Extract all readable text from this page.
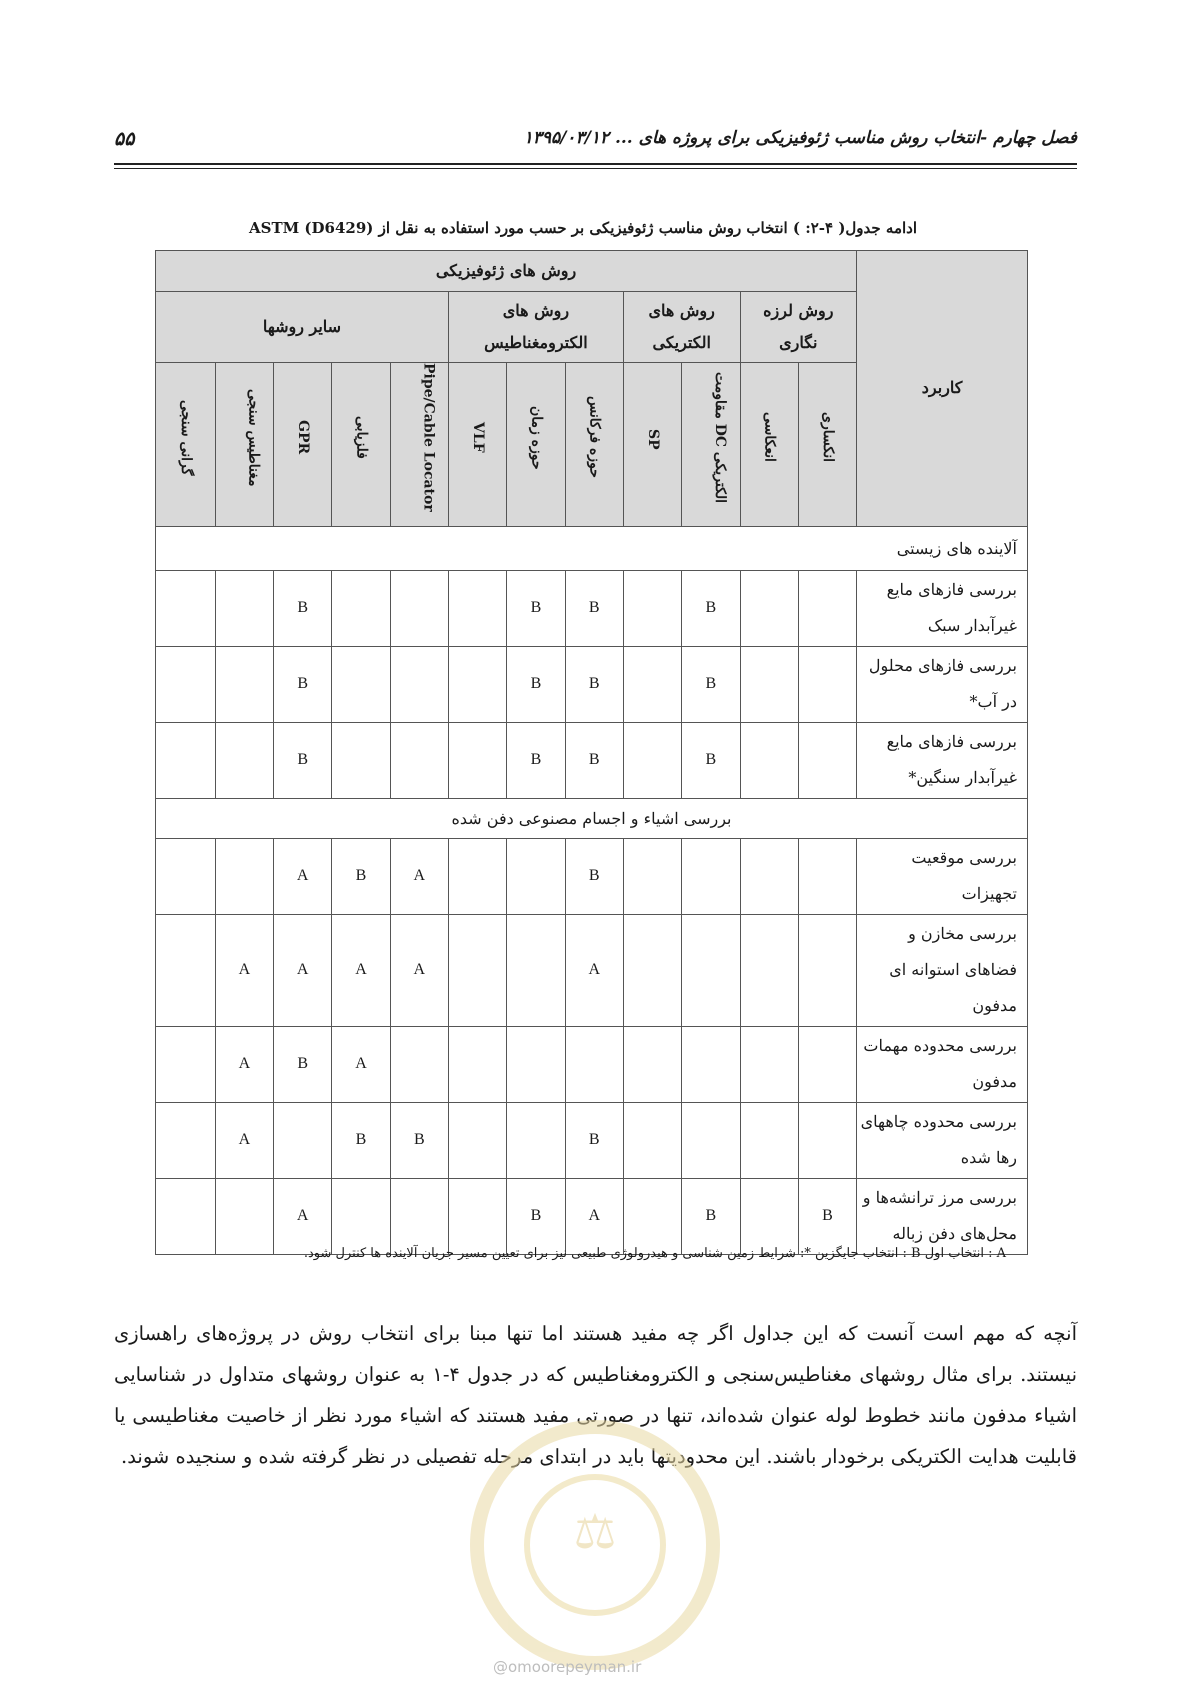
فصل چهارم -انتخاب روش مناسب ژئوفیزیکی برای پروژه های ... ۱۳۹۵/۰۳/۱۲
۵۵
ادامه جدول( ۴-۲: ) انتخاب روش مناسب ژئوفیزیکی بر حسب مورد استفاده به نقل از ASTM (D6429)
کاربرد	روش های ژئوفیزیکی											
	روش لرزه نگاری		روش های الکتریکی		روش های الکترومغناطیس			سایر روشها				
	انکساری	انعکاسی	الکتریکی DC مقاومت	SP	حوزه فرکانس	حوزه زمان	VLF	Pipe/Cable Locator	فلزیابی	GPR	مغناطیس سنجی	گرانی سنجی
آلاینده های زیستی												
بررسی فازهای مایع غیرآبدار سبک			B		B	B				B		
بررسی فازهای محلول در آب*			B		B	B				B		
بررسی فازهای مایع غیرآبدار سنگین*			B		B	B				B		
بررسی اشیاء و اجسام مصنوعی دفن شده												
بررسی موقعیت تجهیزات					B			A	B	A		
بررسی مخازن و فضاهای استوانه ای مدفون					A			A	A	A	A	
بررسی محدوده مهمات مدفون									A	B	A	
بررسی محدوده چاههای رها شده					B			B	B		A	
بررسی مرز ترانشه‌ها و محل‌های دفن زباله	B		B		A	B				A		
A : انتخاب اول B : انتخاب جایگزین *: شرایط زمین شناسی و هیدرولوژی طبیعی نیز برای تعیین مسیر جریان آلاینده ها کنترل شود.
آنچه که مهم است آنست که این جداول اگر چه مفید هستند اما تنها مبنا برای انتخاب روش در پروژه‌های راهسازی نیستند. برای مثال روشهای مغناطیس‌سنجی و الکترومغناطیس که در جدول ۴-۱ به عنوان روشهای متداول در شناسایی اشیاء مدفون مانند خطوط لوله عنوان شده‌اند، تنها در صورتی مفید هستند که اشیاء مورد نظر از خاصیت مغناطیسی یا قابلیت هدایت الکتریکی برخودار باشند. این محدودیتها باید در ابتدای مرحله تفصیلی در نظر گرفته شده و سنجیده شوند.
⚖
@omoorepeyman.ir
